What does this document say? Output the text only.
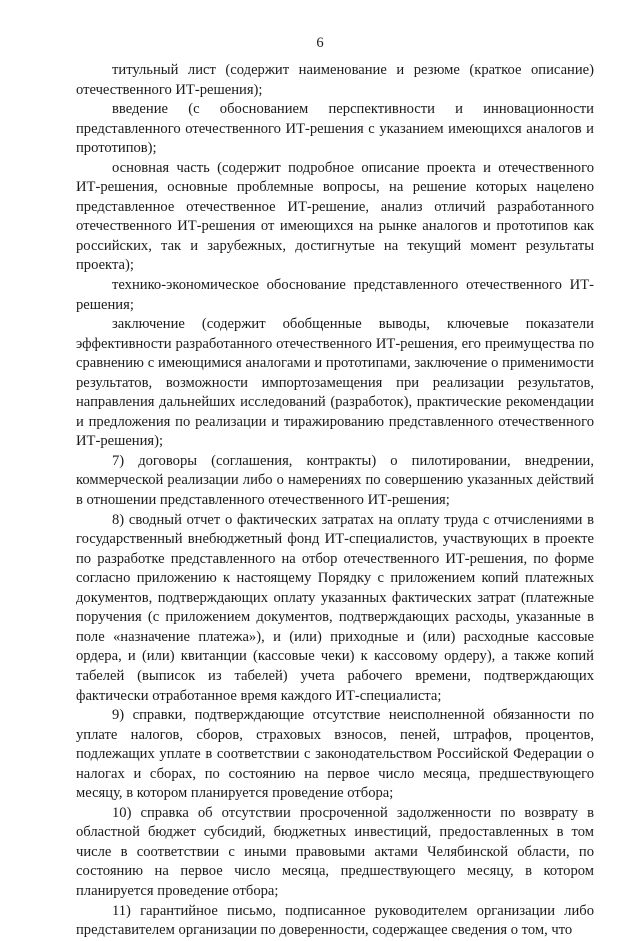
6

титульный лист (содержит наименование и резюме (краткое описание) отечественного ИТ-решения);

введение (с обоснованием перспективности и инновационности представленного отечественного ИТ-решения с указанием имеющихся аналогов и прототипов);

основная часть (содержит подробное описание проекта и отечественного ИТ-решения, основные проблемные вопросы, на решение которых нацелено представленное отечественное ИТ-решение, анализ отличий разработанного отечественного ИТ-решения от имеющихся на рынке аналогов и прототипов как российских, так и зарубежных, достигнутые на текущий момент результаты проекта);

технико-экономическое обоснование представленного отечественного ИТ-решения;

заключение (содержит обобщенные выводы, ключевые показатели эффективности разработанного отечественного ИТ-решения, его преимущества по сравнению с имеющимися аналогами и прототипами, заключение о применимости результатов, возможности импортозамещения при реализации результатов, направления дальнейших исследований (разработок), практические рекомендации и предложения по реализации и тиражированию представленного отечественного ИТ-решения);

7) договоры (соглашения, контракты) о пилотировании, внедрении, коммерческой реализации либо о намерениях по совершению указанных действий в отношении представленного отечественного ИТ-решения;

8) сводный отчет о фактических затратах на оплату труда с отчислениями в государственный внебюджетный фонд ИТ-специалистов, участвующих в проекте по разработке представленного на отбор отечественного ИТ-решения, по форме согласно приложению к настоящему Порядку с приложением копий платежных документов, подтверждающих оплату указанных фактических затрат (платежные поручения (с приложением документов, подтверждающих расходы, указанные в поле «назначение платежа»), и (или) приходные и (или) расходные кассовые ордера, и (или) квитанции (кассовые чеки) к кассовому ордеру), а также копий табелей (выписок из табелей) учета рабочего времени, подтверждающих фактически отработанное время каждого ИТ-специалиста;

9) справки, подтверждающие отсутствие неисполненной обязанности по уплате налогов, сборов, страховых взносов, пеней, штрафов, процентов, подлежащих уплате в соответствии с законодательством Российской Федерации о налогах и сборах, по состоянию на первое число месяца, предшествующего месяцу, в котором планируется проведение отбора;

10) справка об отсутствии просроченной задолженности по возврату в областной бюджет субсидий, бюджетных инвестиций, предоставленных в том числе в соответствии с иными правовыми актами Челябинской области, по состоянию на первое число месяца, предшествующего месяцу, в котором планируется проведение отбора;

11) гарантийное письмо, подписанное руководителем организации либо представителем организации по доверенности, содержащее сведения о том, что
